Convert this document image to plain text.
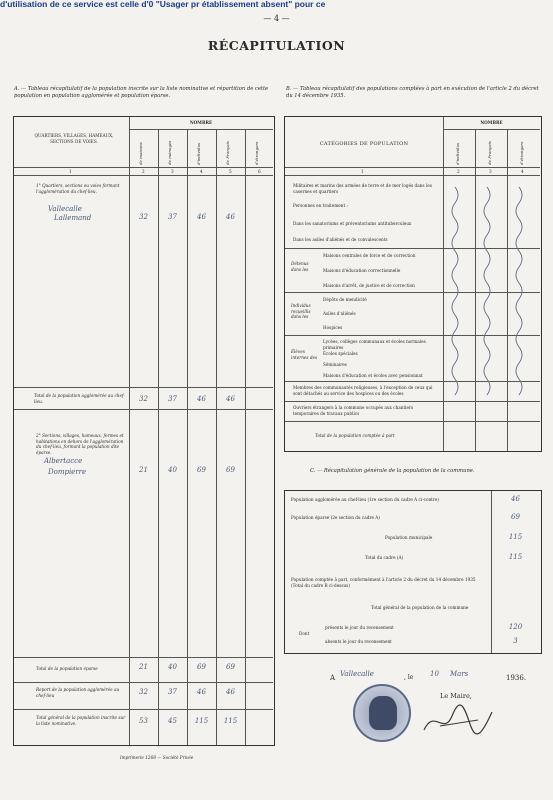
d'utilisation de ce service est celle d'0 "Usager pr établissement absent" pour ce
— 4 —
RÉCAPITULATION
A. — Tableau récapitulatif de la population inscrite sur la liste nominative et répartition de cette population en population agglomérée et population éparse.
QUARTIERS, VILLAGES, HAMEAUX, SECTIONS DE VOIES.
NOMBRE
de maisons	de ménages	d'individus	de Français	d'étrangers
1	2	3	4	5	6
1° Quartiers, sections ou voies formant l'agglomération du chef-lieu.
Vallecalle
Lallemand	32	37	46	46
Total de la population agglomérée au chef-lieu.	32	37	46	46
2° Sections, villages, hameaux, fermes et habitations en dehors de l'agglomération du chef-lieu, formant la population dite éparse.
Albertacce
Dompierre	21	40	69	69
Total de la population éparse	21	40	69	69
Report de la population agglomérée au chef-lieu	32	37	46	46
Total général de la population inscrite sur la liste nominative.	53	45	115	115
Imprimerie 1268 — Société Privée
B. — Tableau récapitulatif des populations comptées à part en exécution de l'article 2 du décret du 14 décembre 1935.
CATÉGORIES DE POPULATION
NOMBRE
d'individus	de Français	d'étrangers
1	2	3	4
Militaires et marins des armées de terre et de mer logés dans les casernes et quartiers
Personnes en traitement :
Dans les sanatoriums et préventoriums antituberculeux
Dans les asiles d'aliénés et de convalescents
Détenus dans les
Maisons centrales de force et de correction
Maisons d'éducation correctionnelle
Maisons d'arrêt, de justice et de correction
Individus recueillis dans les
Dépôts de mendicité
Asiles d'aliénés
Hospices
Élèves internes des
Lycées, collèges communaux et écoles normales primaires
Écoles spéciales
Séminaires
Maisons d'éducation et écoles avec pensionnat
Membres des communautés religieuses, à l'exception de ceux qui sont détachés au service des hospices ou des écoles
Ouvriers étrangers à la commune occupés aux chantiers temporaires de travaux publics
Total de la population comptée à part
C. — Récapitulation générale de la population de la commune.
Population agglomérée au chef-lieu (1re section du cadre A ci-contre)	46
Population éparse (2e section du cadre A)	69
Population municipale	115
Total du cadre (A)	115
Population comptée à part, conformément à l'article 2 du décret du 14 décembre 1935 (Total du cadre B ci-dessus)
Total général de la population de la commune
Dont
présents le jour du recensement	120
absents le jour du recensement	3
A Vallecalle	, le 10 Mars	1936.
Le Maire,
